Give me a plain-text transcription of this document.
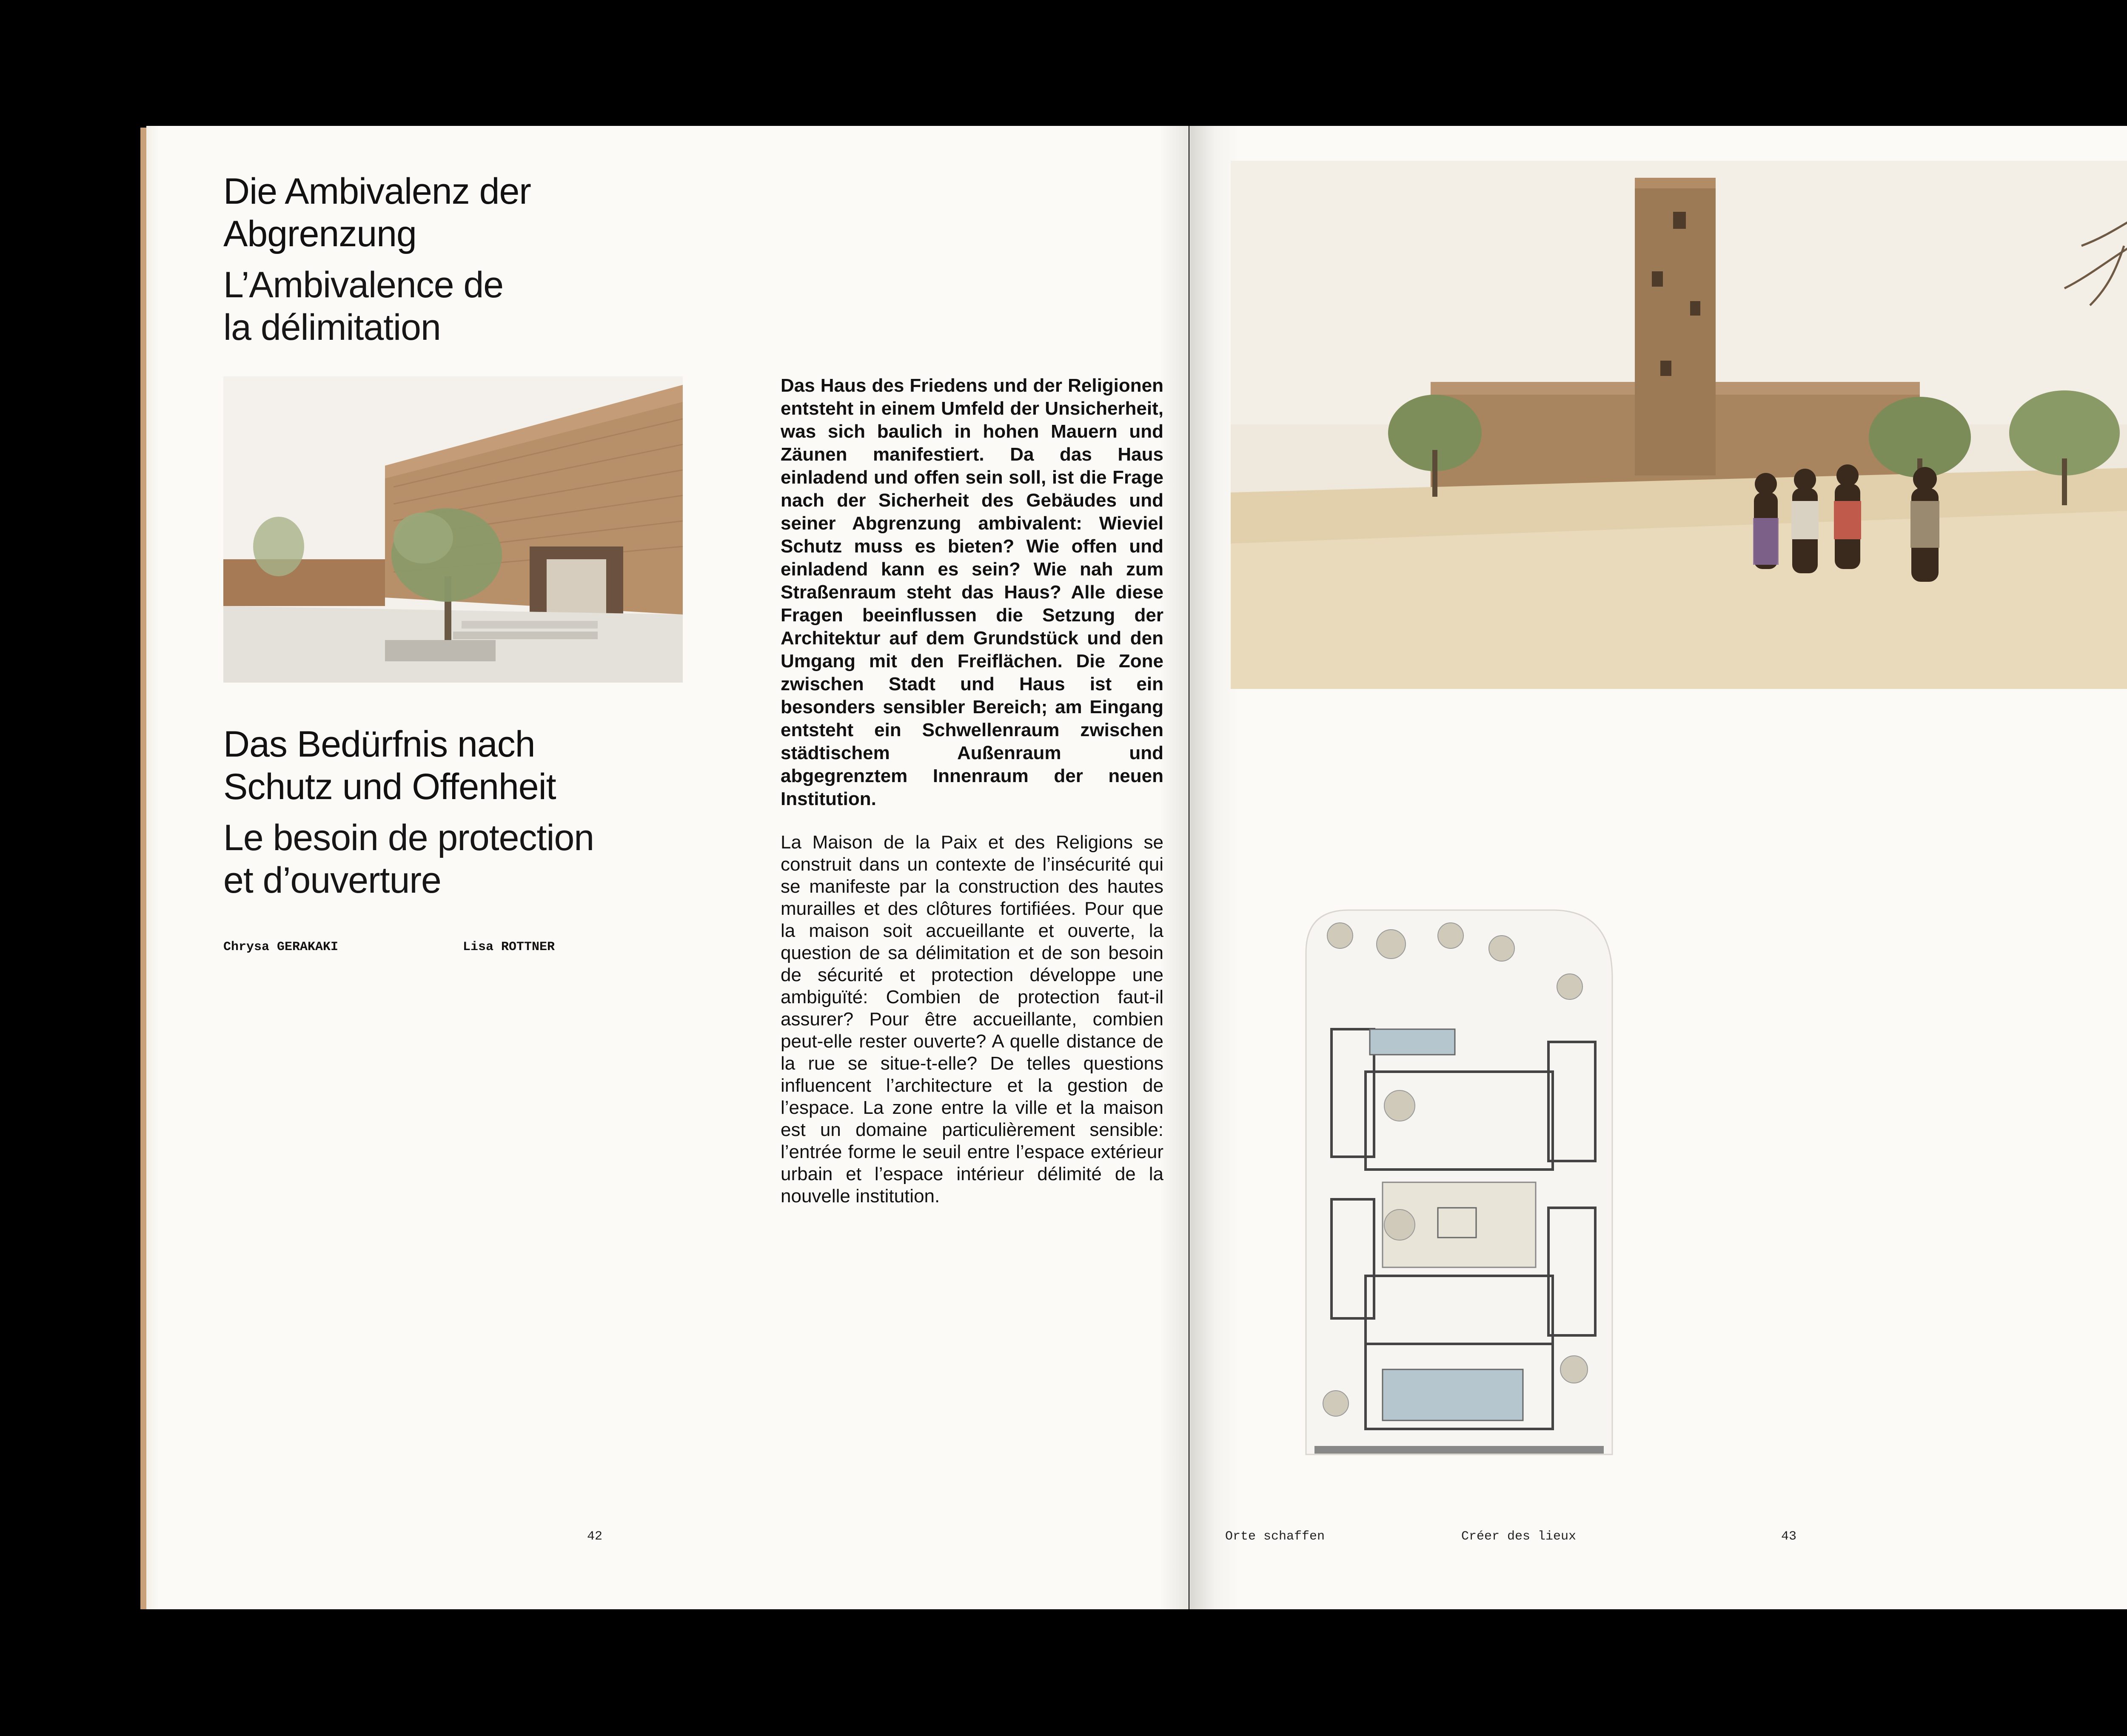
Die Ambivalenz der
Abgrenzung
L’Ambivalence de
la délimitation
Das Bedürfnis nach
Schutz und Offenheit
Le besoin de protection
et d’ouverture
Chrysa GERAKAKI	Lisa ROTTNER

Das Haus des Friedens und der Religionen entsteht in einem Umfeld der Unsicherheit, was sich baulich in hohen Mauern und Zäunen manifestiert. Da das Haus einladend und offen sein soll, ist die Frage nach der Sicherheit des Gebäudes und seiner Abgrenzung ambivalent: Wieviel Schutz muss es bieten? Wie offen und einladend kann es sein? Wie nah zum Straßenraum steht das Haus? Alle diese Fragen beeinflussen die Setzung der Architektur auf dem Grundstück und den Umgang mit den Freiflächen. Die Zone zwischen Stadt und Haus ist ein besonders sensibler Bereich; am Eingang entsteht ein Schwellenraum zwischen städtischem Außenraum und abgegrenztem Innenraum der neuen Institution.

La Maison de la Paix et des Religions se construit dans un contexte de l’insécurité qui se manifeste par la construction des hautes murailles et des clôtures fortifiées. Pour que la maison soit accueillante et ouverte, la question de sa délimitation et de son besoin de sécurité et protection développe une ambiguïté: Combien de protection faut-il assurer? Pour être accueillante, combien peut-elle rester ouverte? A quelle distance de la rue se situe-t-elle? De telles questions influencent l’architecture et la gestion de l’espace. La zone entre la ville et la maison est un domaine particulièrement sensible: l’entrée forme le seuil entre l’espace extérieur urbain et l’espace intérieur délimité de la nouvelle institution.

42	Orte schaffen	Créer des lieux	43
